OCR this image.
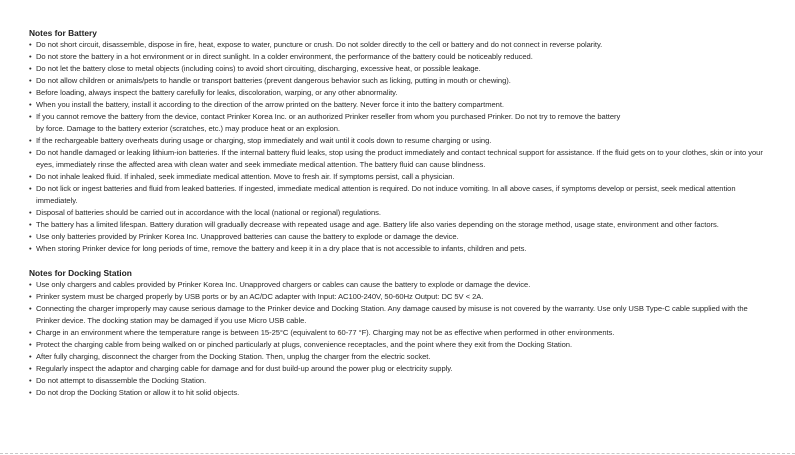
Notes for Battery
• Do not short circuit, disassemble, dispose in fire, heat, expose to water, puncture or crush. Do not solder directly to the cell or battery and do not connect in reverse polarity.
• Do not store the battery in a hot environment or in direct sunlight. In a colder environment, the performance of the battery could be noticeably reduced.
• Do not let the battery close to metal objects (including coins) to avoid short circuiting, discharging, excessive heat, or possible leakage.
• Do not allow children or animals/pets to handle or transport batteries (prevent dangerous behavior such as licking, putting in mouth or chewing).
• Before loading, always inspect the battery carefully for leaks, discoloration, warping, or any other abnormality.
• When you install the battery, install it according to the direction of the arrow printed on the battery. Never force it into the battery compartment.
• If you cannot remove the battery from the device, contact Prinker Korea Inc. or an authorized Prinker reseller from whom you purchased Prinker. Do not try to remove the battery
by force. Damage to the battery exterior (scratches, etc.) may produce heat or an explosion.
• If the rechargeable battery overheats during usage or charging, stop immediately and wait until it cools down to resume charging or using.
• Do not handle damaged or leaking lithium-ion batteries. If the internal battery fluid leaks, stop using the product immediately and contact technical support for assistance. If the fluid gets on to your clothes, skin or into your eyes, immediately rinse the affected area with clean water and seek immediate medical attention. The battery fluid can cause blindness.
• Do not inhale leaked fluid. If inhaled, seek immediate medical attention. Move to fresh air. If symptoms persist, call a physician.
• Do not lick or ingest batteries and fluid from leaked batteries. If ingested, immediate medical attention is required. Do not induce vomiting. In all above cases, if symptoms develop or persist, seek medical attention immediately.
• Disposal of batteries should be carried out in accordance with the local (national or regional) regulations.
• The battery has a limited lifespan. Battery duration will gradually decrease with repeated usage and age. Battery life also varies depending on the storage method, usage state, environment and other factors.
• Use only batteries provided by Prinker Korea Inc. Unapproved batteries can cause the battery to explode or damage the device.
• When storing Prinker device for long periods of time, remove the battery and keep it in a dry place that is not accessible to infants, children and pets.
Notes for Docking Station
• Use only chargers and cables provided by Prinker Korea Inc. Unapproved chargers or cables can cause the battery to explode or damage the device.
• Prinker system must be charged properly by USB ports or by an AC/DC adapter with Input: AC100-240V, 50-60Hz Output: DC 5V < 2A.
• Connecting the charger improperly may cause serious damage to the Prinker device and Docking Station. Any damage caused by misuse is not covered by the warranty. Use only USB Type-C cable supplied with the Prinker device. The docking station may be damaged if you use Micro USB cable.
• Charge in an environment where the temperature range is between 15-25°C (equivalent to 60-77 °F). Charging may not be as effective when performed in other environments.
• Protect the charging cable from being walked on or pinched particularly at plugs, convenience receptacles, and the point where they exit from the Docking Station.
• After fully charging, disconnect the charger from the Docking Station. Then, unplug the charger from the electric socket.
• Regularly inspect the adaptor and charging cable for damage and for dust build-up around the power plug or electricity supply.
• Do not attempt to disassemble the Docking Station.
• Do not drop the Docking Station or allow it to hit solid objects.
